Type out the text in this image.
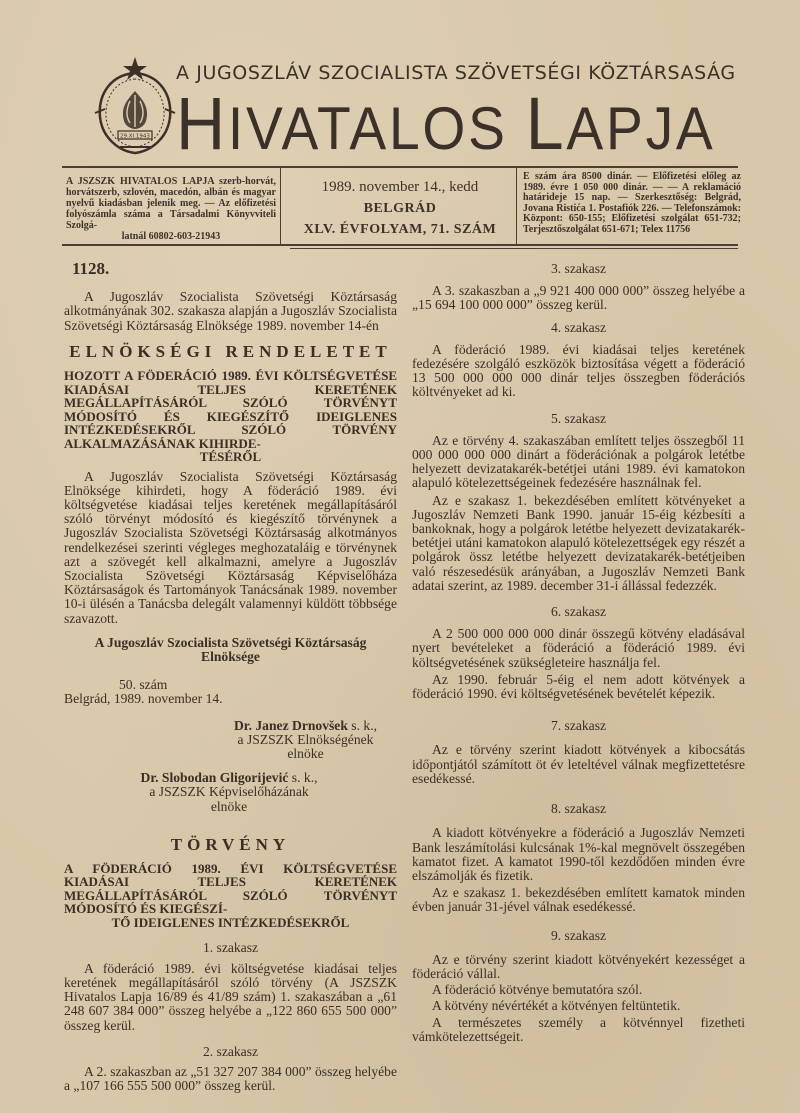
29.XI.1943
A JUGOSZLÁV SZOCIALISTA SZÖVETSÉGI KÖZTÁRSASÁG
HIVATALOS LAPJA
A JSZSZK HIVATALOS LAPJA szerb-horvát, horvátszerb, szlovén, macedón, albán és magyar nyelvű kiadásban jelenik meg. — Az előfizetési folyószámla száma a Társadalmi Könyvviteli Szolgá-
latnál 60802-603-21943
1989. november 14., kedd
BELGRÁD
XLV. ÉVFOLYAM, 71. SZÁM
E szám ára 8500 dinár. — Előfizetési előleg az 1989. évre 1 050 000 dinár. — — A reklamáció határideje 15 nap. — Szerkesztőség: Belgrád, Jovana Ristića 1. Postafiók 226. — Telefonszámok: Központ: 650-155; Előfizetési szolgálat 651-732; Terjesztőszolgálat 651-671; Telex 11756
1128.
A Jugoszláv Szocialista Szövetségi Köztársaság alkotmányának 302. szakasza alapján a Jugoszláv Szocialista Szövetségi Köztársaság Elnöksége 1989. november 14-én
ELNÖKSÉGI RENDELETET
HOZOTT A FÖDERÁCIÓ 1989. ÉVI KÖLTSÉGVETÉSE KIADÁSAI TELJES KERETÉNEK MEGÁLLAPÍTÁSÁRÓL SZÓLÓ TÖRVÉNYT MÓDOSÍTÓ ÉS KIEGÉSZÍTŐ IDEIGLENES INTÉZKEDÉSEKRŐL SZÓLÓ TÖRVÉNY ALKALMAZÁSÁNAK KIHIRDE-
TÉSÉRŐL
A Jugoszláv Szocialista Szövetségi Köztársaság Elnöksége kihirdeti, hogy A föderáció 1989. évi költségvetése kiadásai teljes keretének megállapításáról szóló törvényt módosító és kiegészítő törvénynek a Jugoszláv Szocialista Szövetségi Köztársaság alkotmányos rendelkezései szerinti végleges meghozataláig e törvénynek azt a szövegét kell alkalmazni, amelyre a Jugoszláv Szocialista Szövetségi Köztársaság Képviselőháza Köztársaságok és Tartományok Tanácsának 1989. november 10-i ülésén a Tanácsba delegált valamennyi küldött többsége szavazott.
A Jugoszláv Szocialista Szövetségi Köztársaság
Elnöksége
50. szám
Belgrád, 1989. november 14.
Dr. Janez Drnovšek s. k.,
a JSZSZK Elnökségének
elnöke
Dr. Slobodan Gligorijević s. k.,
a JSZSZK Képviselőházának
elnöke
TÖRVÉNY
A FÖDERÁCIÓ 1989. ÉVI KÖLTSÉGVETÉSE KIADÁSAI TELJES KERETÉNEK MEGÁLLAPÍTÁSÁRÓL SZÓLÓ TÖRVÉNYT MÓDOSÍTÓ ÉS KIEGÉSZÍ-
TŐ IDEIGLENES INTÉZKEDÉSEKRŐL
1. szakasz
A föderáció 1989. évi költségvetése kiadásai teljes keretének megállapításáról szóló törvény (A JSZSZK Hivatalos Lapja 16/89 és 41/89 szám) 1. szakaszában a „61 248 607 384 000” összeg helyébe a „122 860 655 500 000” összeg kerül.
2. szakasz
A 2. szakaszban az „51 327 207 384 000” összeg helyébe a „107 166 555 500 000” összeg kerül.
3. szakasz
A 3. szakaszban a „9 921 400 000 000” összeg helyébe a „15 694 100 000 000” összeg kerül.
4. szakasz
A föderáció 1989. évi kiadásai teljes keretének fedezésére szolgáló eszközök biztosítása végett a föderáció 13 500 000 000 000 dinár teljes összegben föderációs költvényeket ad ki.
5. szakasz
Az e törvény 4. szakaszában említett teljes összegből 11 000 000 000 000 dinárt a föderációnak a polgárok letétbe helyezett devizatakarék-betétjei utáni 1989. évi kamatokon alapuló kötelezettségeinek fedezésére használnak fel.
Az e szakasz 1. bekezdésében említett kötvényeket a Jugoszláv Nemzeti Bank 1990. január 15-éig kézbesíti a bankoknak, hogy a polgárok letétbe helyezett devizatakarék-betétjei utáni kamatokon alapuló kötelezettségek egy részét a polgárok össz letétbe helyezett devizatakarék-betétjeiben való részesedésük arányában, a Jugoszláv Nemzeti Bank adatai szerint, az 1989. december 31-i állással fedezzék.
6. szakasz
A 2 500 000 000 000 dinár összegű kötvény eladásával nyert bevételeket a föderáció a föderáció 1989. évi költségvetésének szükségleteire használja fel.
Az 1990. február 5-éig el nem adott kötvények a föderáció 1990. évi költségvetésének bevételét képezik.
7. szakasz
Az e törvény szerint kiadott kötvények a kibocsátás időpontjától számított öt év leteltével válnak megfizettetésre esedékessé.
8. szakasz
A kiadott kötvényekre a föderáció a Jugoszláv Nemzeti Bank leszámítolási kulcsának 1%-kal megnövelt összegében kamatot fizet. A kamatot 1990-től kezdődően minden évre elszámolják és fizetik.
Az e szakasz 1. bekezdésében említett kamatok minden évben január 31-jével válnak esedékessé.
9. szakasz
Az e törvény szerint kiadott kötvényekért kezességet a föderáció vállal.
A föderáció kötvénye bemutatóra szól.
A kötvény névértékét a kötvényen feltüntetik.
A természetes személy a kötvénnyel fizetheti vámkötelezettségeit.
